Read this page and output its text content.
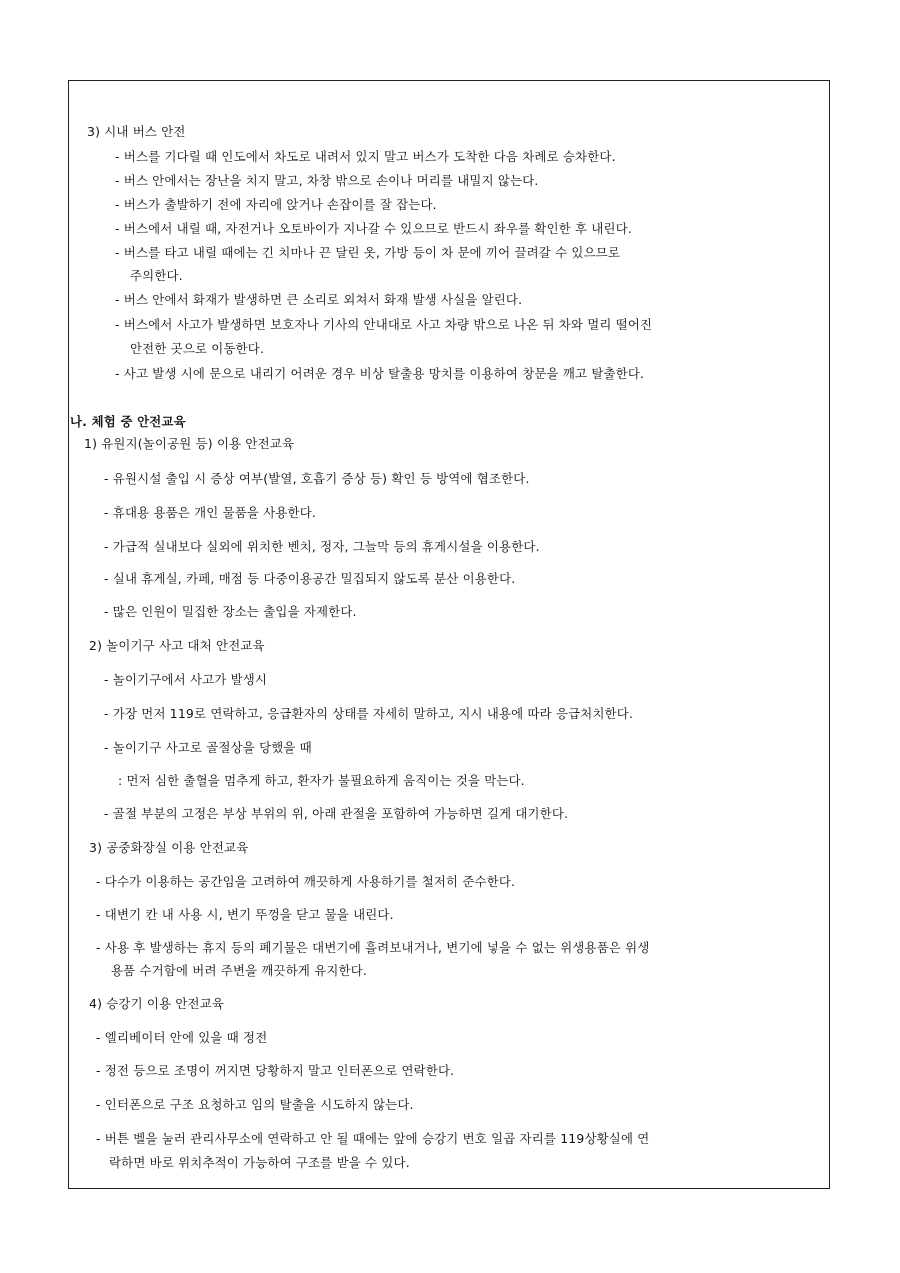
3) 시내 버스 안전
- 버스를 기다릴 때 인도에서 차도로 내려서 있지 말고 버스가 도착한 다음 차례로 승차한다.
- 버스 안에서는 장난을 치지 말고, 차창 밖으로 손이나 머리를 내밀지 않는다.
- 버스가 출발하기 전에 자리에 앉거나 손잡이를 잘 잡는다.
- 버스에서 내릴 때, 자전거나 오토바이가 지나갈 수 있으므로 반드시 좌우를 확인한 후 내린다.
- 버스를 타고 내릴 때에는 긴 치마나 끈 달린 옷, 가방 등이 차 문에 끼어 끌려갈 수 있으므로
주의한다.
- 버스 안에서 화재가 발생하면 큰 소리로 외쳐서 화재 발생 사실을 알린다.
- 버스에서 사고가 발생하면 보호자나 기사의 안내대로 사고 차량 밖으로 나온 뒤 차와 멀리 떨어진
안전한 곳으로 이동한다.
- 사고 발생 시에 문으로 내리기 어려운 경우 비상 탈출용 망치를 이용하여 창문을 깨고 탈출한다.
나. 체험 중 안전교육
1) 유원지(놀이공원 등) 이용 안전교육
- 유원시설 출입 시 증상 여부(발열, 호흡기 증상 등) 확인 등 방역에 협조한다.
- 휴대용 용품은 개인 물품을 사용한다.
- 가급적 실내보다 실외에 위치한 벤치, 정자, 그늘막 등의 휴게시설을 이용한다.
- 실내 휴게실, 카페, 매점 등 다중이용공간 밀집되지 않도록 분산 이용한다.
- 많은 인원이 밀집한 장소는 출입을 자제한다.
2) 놀이기구 사고 대처 안전교육
- 놀이기구에서 사고가 발생시
- 가장 먼저 119로 연락하고, 응급환자의 상태를 자세히 말하고, 지시 내용에 따라 응급처치한다.
- 놀이기구 사고로 골절상을 당했을 때
: 먼저 심한 출혈을 멈추게 하고, 환자가 불필요하게 움직이는 것을 막는다.
- 골절 부분의 고정은 부상 부위의 위, 아래 관절을 포함하여 가능하면 길게 대기한다.
3) 공중화장실 이용 안전교육
- 다수가 이용하는 공간임을 고려하여 깨끗하게 사용하기를 철저히 준수한다.
- 대변기 칸 내 사용 시, 변기 뚜껑을 닫고 물을 내린다.
- 사용 후 발생하는 휴지 등의 폐기물은 대변기에 흘려보내거나, 변기에 넣을 수 없는 위생용품은 위생
용품 수거함에 버려 주변을 깨끗하게 유지한다.
4) 승강기 이용 안전교육
- 엘리베이터 안에 있을 때 정전
- 정전 등으로 조명이 꺼지면 당황하지 말고 인터폰으로 연락한다.
- 인터폰으로 구조 요청하고 임의 탈출을 시도하지 않는다.
- 버튼 벨을 눌러 관리사무소에 연락하고 안 될 때에는 앞에 승강기 번호 일곱 자리를 119상황실에 연
락하면 바로 위치추적이 가능하여 구조를 받을 수 있다.
